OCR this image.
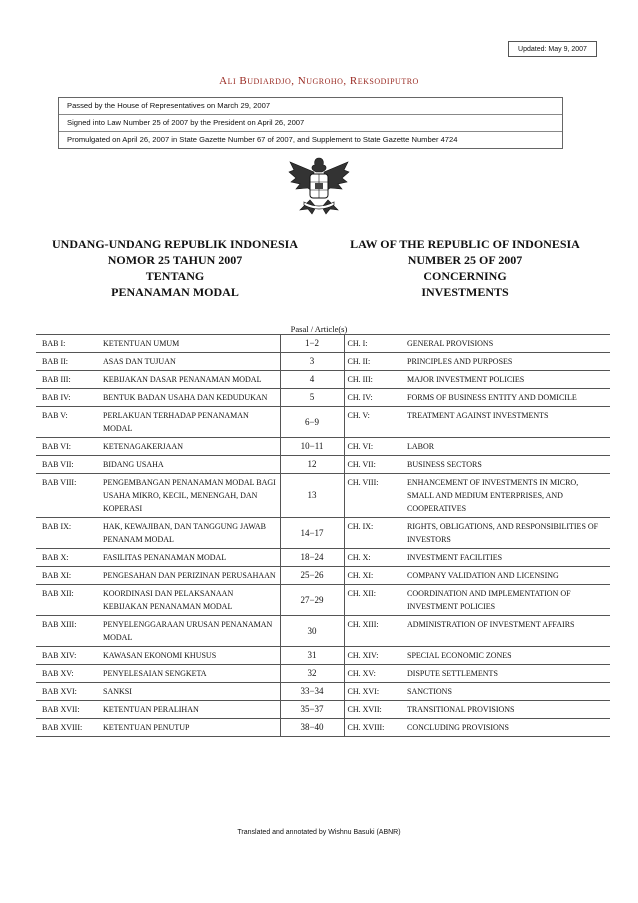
Updated: May 9, 2007
Ali Budiardjo, Nugroho, Reksodiputro
Passed by the House of Representatives on March 29, 2007
Signed into Law Number 25 of 2007 by the President on April 26, 2007
Promulgated on April 26, 2007 in State Gazette Number 67 of 2007, and Supplement to State Gazette Number 4724
UNDANG-UNDANG REPUBLIK INDONESIA
NOMOR 25 TAHUN 2007
TENTANG
PENANAMAN MODAL
LAW OF THE REPUBLIC OF INDONESIA
NUMBER 25 OF 2007
CONCERNING
INVESTMENTS
Pasal / Article(s)
BAB I:	KETENTUAN UMUM	1−2	CH. I:	GENERAL PROVISIONS
BAB II:	ASAS DAN TUJUAN	3	CH. II:	PRINCIPLES AND PURPOSES
BAB III:	KEBIJAKAN DASAR PENANAMAN MODAL	4	CH. III:	MAJOR INVESTMENT POLICIES
BAB IV:	BENTUK BADAN USAHA DAN KEDUDUKAN	5	CH. IV:	FORMS OF BUSINESS ENTITY AND DOMICILE
BAB V:	PERLAKUAN TERHADAP PENANAMAN MODAL	6−9	CH. V:	TREATMENT AGAINST INVESTMENTS
BAB VI:	KETENAGAKERJAAN	10−11	CH. VI:	LABOR
BAB VII:	BIDANG USAHA	12	CH. VII:	BUSINESS SECTORS
BAB VIII:	PENGEMBANGAN PENANAMAN MODAL BAGI USAHA MIKRO, KECIL, MENENGAH, DAN KOPERASI	13	CH. VIII:	ENHANCEMENT OF INVESTMENTS IN MICRO, SMALL AND MEDIUM ENTERPRISES, AND COOPERATIVES
BAB IX:	HAK, KEWAJIBAN, DAN TANGGUNG JAWAB PENANAM MODAL	14−17	CH. IX:	RIGHTS, OBLIGATIONS, AND RESPONSIBILITIES OF INVESTORS
BAB X:	FASILITAS PENANAMAN MODAL	18−24	CH. X:	INVESTMENT FACILITIES
BAB XI:	PENGESAHAN DAN PERIZINAN PERUSAHAAN	25−26	CH. XI:	COMPANY VALIDATION AND LICENSING
BAB XII:	KOORDINASI DAN PELAKSANAAN KEBIJAKAN PENANAMAN MODAL	27−29	CH. XII:	COORDINATION AND IMPLEMENTATION OF INVESTMENT POLICIES
BAB XIII:	PENYELENGGARAAN URUSAN PENANAMAN MODAL	30	CH. XIII:	ADMINISTRATION OF INVESTMENT AFFAIRS
BAB XIV:	KAWASAN EKONOMI KHUSUS	31	CH. XIV:	SPECIAL ECONOMIC ZONES
BAB XV:	PENYELESAIAN SENGKETA	32	CH. XV:	DISPUTE SETTLEMENTS
BAB XVI:	SANKSI	33−34	CH. XVI:	SANCTIONS
BAB XVII:	KETENTUAN PERALIHAN	35−37	CH. XVII:	TRANSITIONAL PROVISIONS
BAB XVIII:	KETENTUAN PENUTUP	38−40	CH. XVIII:	CONCLUDING PROVISIONS
Translated and annotated by Wishnu Basuki (ABNR)
